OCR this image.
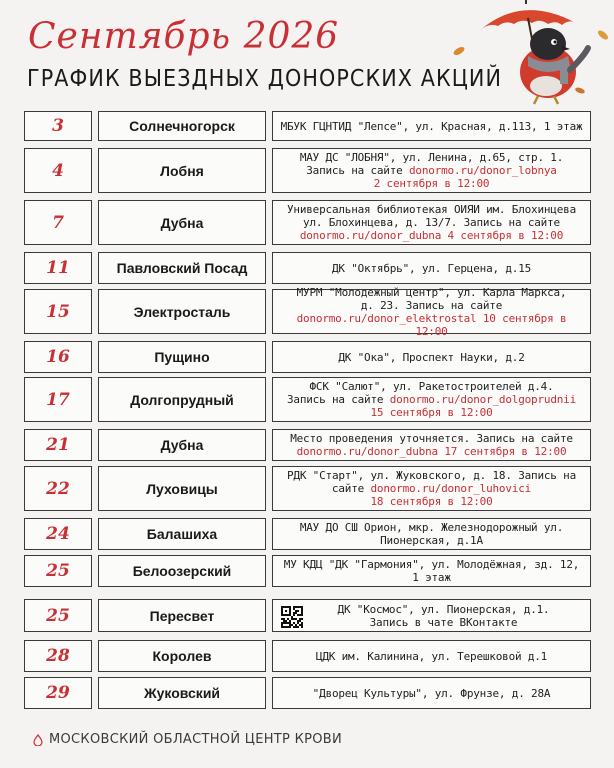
Сентябрь 2026
ГРАФИК ВЫЕЗДНЫХ ДОНОРСКИХ АКЦИЙ
3	Солнечногорск	МБУК ГЦНТИД "Лепсе", ул. Красная, д.113, 1 этаж
4	Лобня
МАУ ДС "ЛОБНЯ", ул. Ленина, д.65, стр. 1.
Запись на сайте donormo.ru/donor_lobnya
2 сентября в 12:00
7	Дубна
Универсальная библиотекая ОИЯИ им. Блохинцева
ул. Блохинцева, д. 13/7. Запись на сайте
donormo.ru/donor_dubna 4 сентября в 12:00
11	Павловский Посад	ДК "Октябрь", ул. Герцена, д.15
15	Электросталь
МУРМ "Молодежный центр", ул. Карла Маркса,
д. 23. Запись на сайте
donormo.ru/donor_elektrostal 10 сентября в 12:00
16	Пущино	ДК "Ока", Проспект Науки, д.2
17	Долгопрудный
ФСК "Салют", ул. Ракетостроителей д.4.
Запись на сайте donormo.ru/donor_dolgoprudnii
15 сентября в 12:00
21	Дубна	Место проведения уточняется. Запись на сайте
donormo.ru/donor_dubna 17 сентября в 12:00
22	Луховицы
РДК "Старт", ул. Жуковского, д. 18. Запись на
сайте donormo.ru/donor_luhovici
18 сентября в 12:00
24	Балашиха	МАУ ДО СШ Орион, мкр. Железнодорожный ул.
Пионерская, д.1А
25	Белоозерский	МУ КДЦ "ДК "Гармония", ул. Молодёжная, зд. 12,
1 этаж
25	Пересвет	ДК "Космос", ул. Пионерская, д.1.
Запись в чате ВКонтакте
28	Королев	ЦДК им. Калинина, ул. Терешковой д.1
29	Жуковский	"Дворец Культуры", ул. Фрунзе, д. 28А
МОСКОВСКИЙ ОБЛАСТНОЙ ЦЕНТР КРОВИ
